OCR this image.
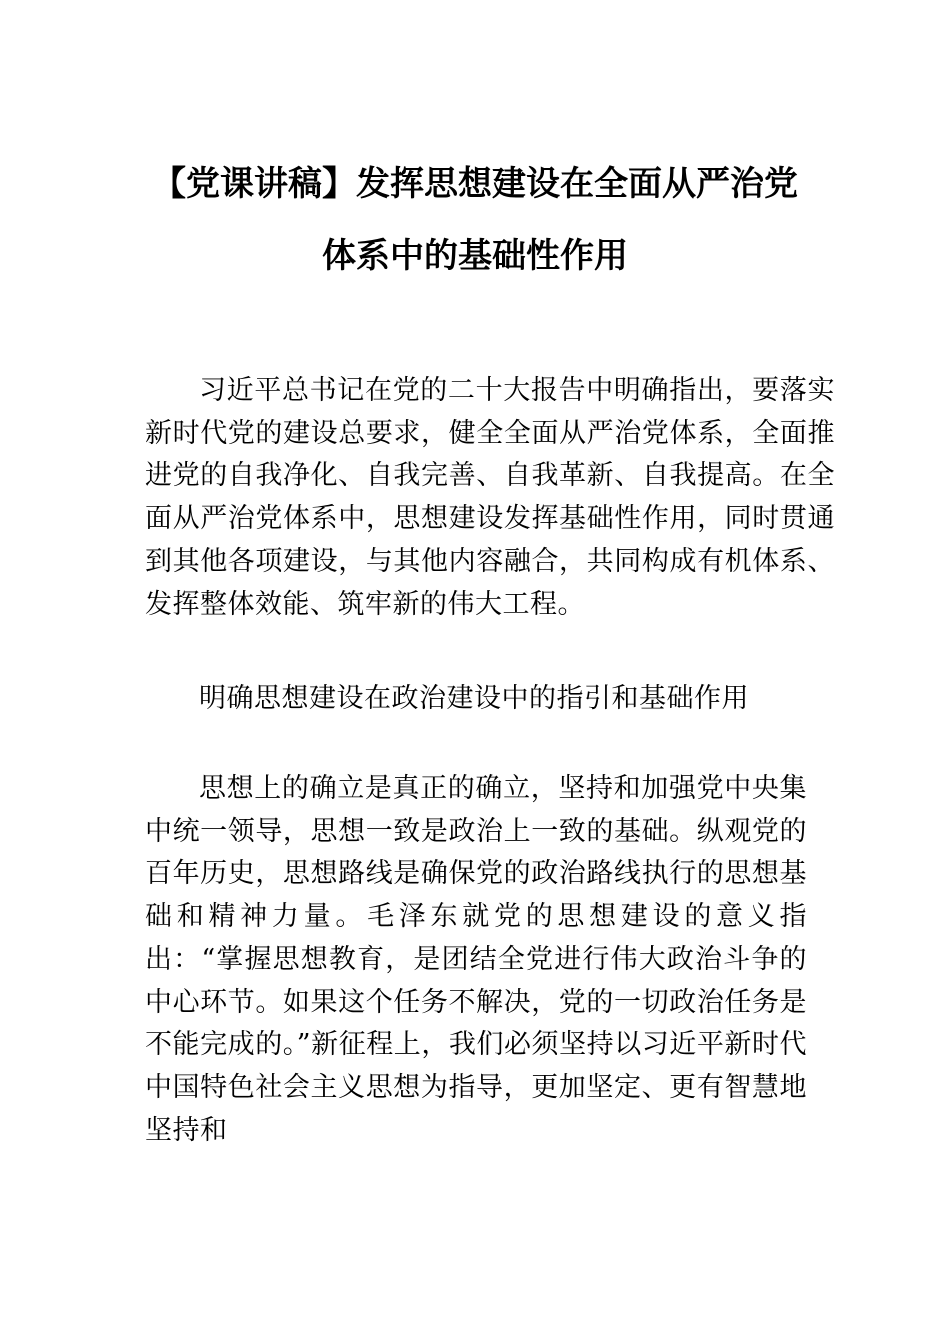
【党课讲稿】发挥思想建设在全面从严治党
体系中的基础性作用

习近平总书记在党的二十大报告中明确指出，要落实新时代党的建设总要求，健全全面从严治党体系，全面推进党的自我净化、自我完善、自我革新、自我提高。在全面从严治党体系中，思想建设发挥基础性作用，同时贯通到其他各项建设，与其他内容融合，共同构成有机体系、发挥整体效能、筑牢新的伟大工程。

明确思想建设在政治建设中的指引和基础作用

思想上的确立是真正的确立，坚持和加强党中央集中统一领导，思想一致是政治上一致的基础。纵观党的百年历史，思想路线是确保党的政治路线执行的思想基础和精神力量。毛泽东就党的思想建设的意义指出：“掌握思想教育，是团结全党进行伟大政治斗争的中心环节。如果这个任务不解决，党的一切政治任务是不能完成的。”新征程上，我们必须坚持以习近平新时代中国特色社会主义思想为指导，更加坚定、更有智慧地坚持和
